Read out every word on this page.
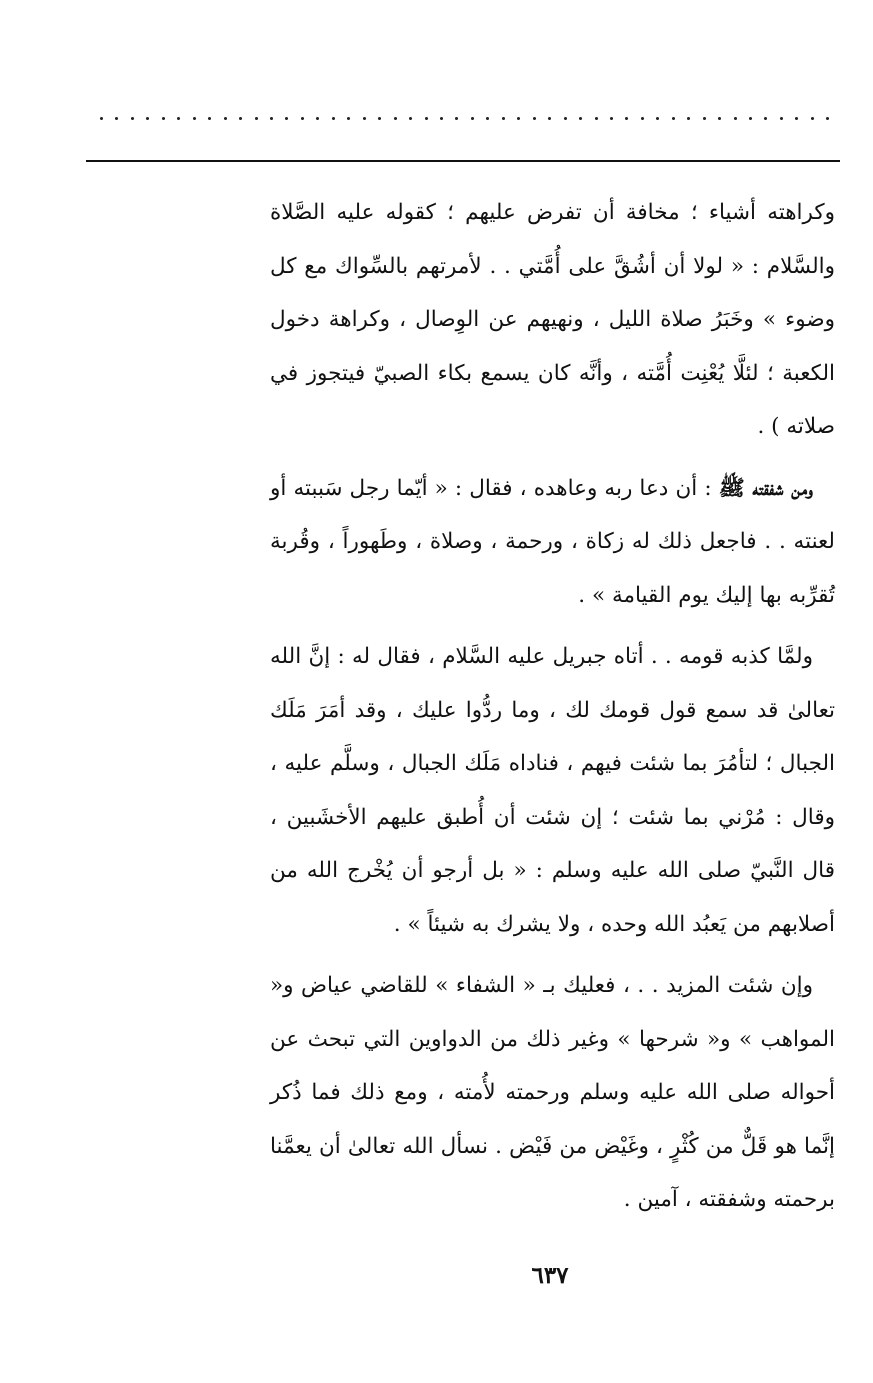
وكراهته أشياء ؛ مخافة أن تفرض عليهم ؛ كقوله عليه الصَّلاة والسَّلام : « لولا أن أشُقَّ على أُمَّتي . . لأمرتهم بالسِّواك مع كل وضوء » وخَبَرُ صلاة الليل ، ونهيهم عن الوِصال ، وكراهة دخول الكعبة ؛ لئلَّا يُعْنِت أُمَّته ، وأنَّه كان يسمع بكاء الصبيّ فيتجوز في صلاته ) .

ومن شفقته ﷺ : أن دعا ربه وعاهده ، فقال : « أيّما رجل سَببته أو لعنته . . فاجعل ذلك له زكاة ، ورحمة ، وصلاة ، وطَهوراً ، وقُربة تُقرِّبه بها إليك يوم القيامة » .

ولمَّا كذبه قومه . . أتاه جبريل عليه السَّلام ، فقال له : إنَّ الله تعالىٰ قد سمع قول قومك لك ، وما ردُّوا عليك ، وقد أمَرَ مَلَك الجبال ؛ لتأمُرَ بما شئت فيهم ، فناداه مَلَك الجبال ، وسلَّم عليه ، وقال : مُرْني بما شئت ؛ إن شئت أن أُطبق عليهم الأخشَبين ، قال النَّبيّ صلى الله عليه وسلم : « بل أرجو أن يُخْرج الله من أصلابهم من يَعبُد الله وحده ، ولا يشرك به شيئاً » .

وإن شئت المزيد . . ، فعليك بـ « الشفاء » للقاضي عياض و« المواهب » و« شرحها » وغير ذلك من الدواوين التي تبحث عن أحواله صلى الله عليه وسلم ورحمته لأُمته ، ومع ذلك فما ذُكر إنَّما هو قَلٌّ من كُثْرٍ ، وغَيْض من فَيْض . نسأل الله تعالىٰ أن يعمَّنا برحمته وشفقته ، آمين .

٦٣٧
